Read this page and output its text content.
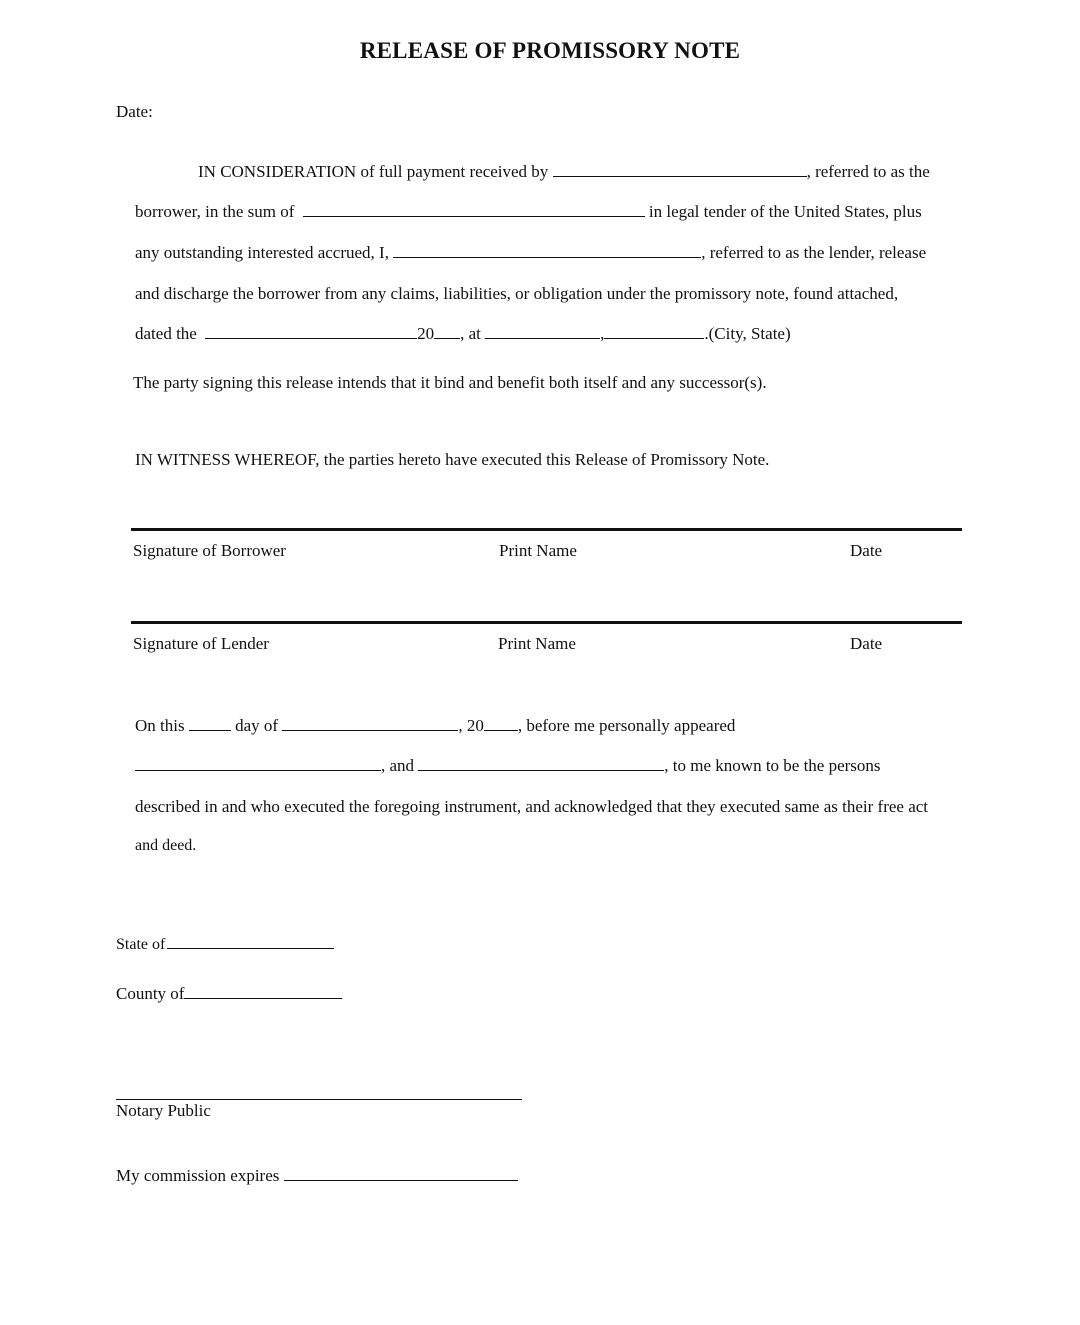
RELEASE OF PROMISSORY NOTE
Date:
IN CONSIDERATION of full payment received by	, referred to as the
borrower, in the sum of	in legal tender of the United States, plus
any outstanding interested accrued, I,	, referred to as the lender, release
and discharge the borrower from any claims, liabilities, or obligation under the promissory note, found attached,
dated the	20 , at	,	.(City, State)
The party signing this release intends that it bind and benefit both itself and any successor(s).
IN WITNESS WHEREOF, the parties hereto have executed this Release of Promissory Note.
Signature of Borrower	Print Name	Date
Signature of Lender	Print Name	Date
On this	day of	, 20 , before me personally appeared
, and	, to me known to be the persons
described in and who executed the foregoing instrument, and acknowledged that they executed same as their free act
and deed.
State of
County of
Notary Public
My commission expires
